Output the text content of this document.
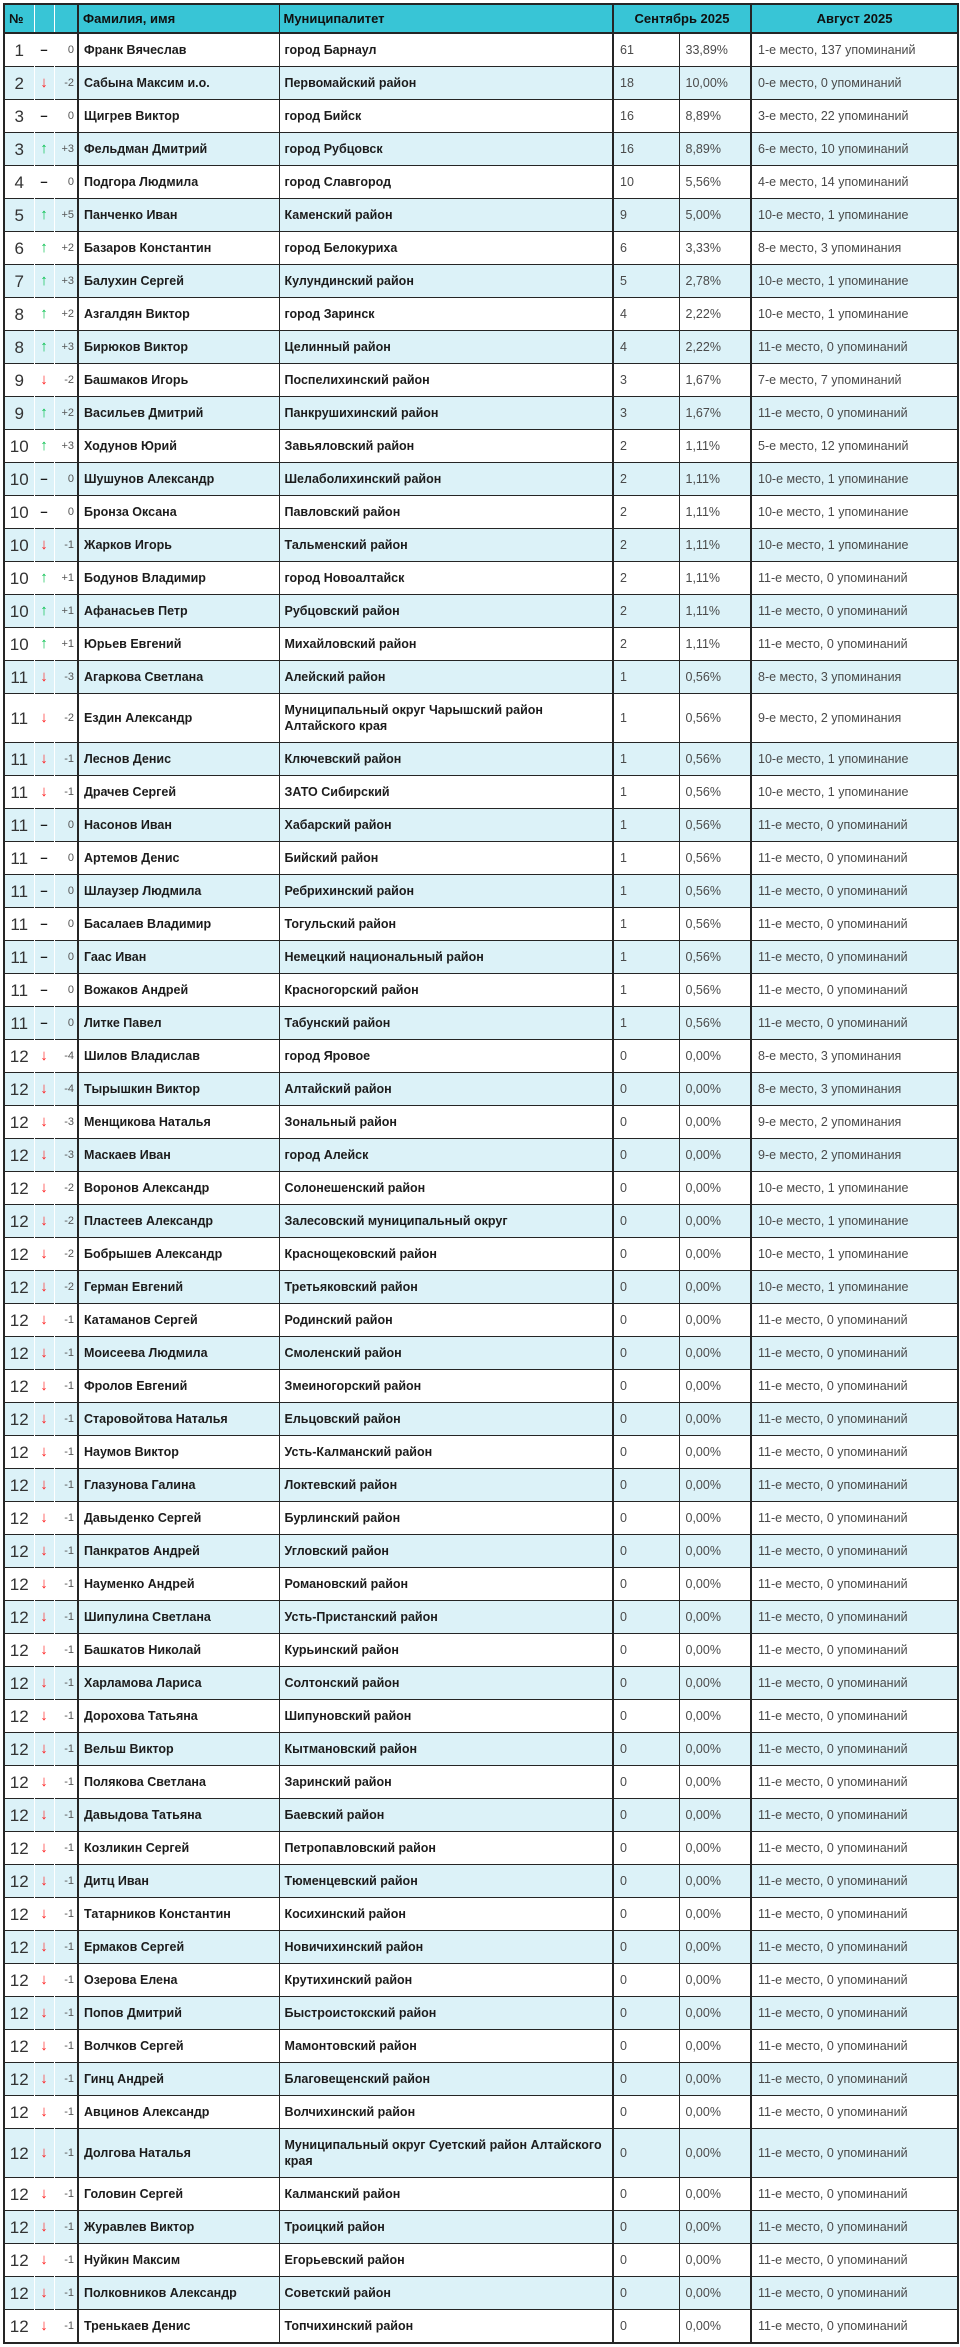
№			Фамилия, имя	Муниципалитет	Сентябрь 2025		Август 2025
1	–	0	Франк Вячеслав	город Барнаул	61	33,89%	1-е место, 137 упоминаний
2	↓	-2	Сабына Максим и.о.	Первомайский район	18	10,00%	0-е место, 0 упоминаний
3	–	0	Щигрев Виктор	город Бийск	16	8,89%	3-е место, 22 упоминаний
3	↑	+3	Фельдман Дмитрий	город Рубцовск	16	8,89%	6-е место, 10 упоминаний
4	–	0	Подгора Людмила	город Славгород	10	5,56%	4-е место, 14 упоминаний
5	↑	+5	Панченко Иван	Каменский район	9	5,00%	10-е место, 1 упоминание
6	↑	+2	Базаров Константин	город Белокуриха	6	3,33%	8-е место, 3 упоминания
7	↑	+3	Балухин Сергей	Кулундинский район	5	2,78%	10-е место, 1 упоминание
8	↑	+2	Азгалдян Виктор	город Заринск	4	2,22%	10-е место, 1 упоминание
8	↑	+3	Бирюков Виктор	Целинный район	4	2,22%	11-е место, 0 упоминаний
9	↓	-2	Башмаков Игорь	Поспелихинский район	3	1,67%	7-е место, 7 упоминаний
9	↑	+2	Васильев Дмитрий	Панкрушихинский район	3	1,67%	11-е место, 0 упоминаний
10	↑	+3	Ходунов Юрий	Завьяловский район	2	1,11%	5-е место, 12 упоминаний
10	–	0	Шушунов Александр	Шелаболихинский район	2	1,11%	10-е место, 1 упоминание
10	–	0	Бронза Оксана	Павловский район	2	1,11%	10-е место, 1 упоминание
10	↓	-1	Жарков Игорь	Тальменский район	2	1,11%	10-е место, 1 упоминание
10	↑	+1	Бодунов Владимир	город Новоалтайск	2	1,11%	11-е место, 0 упоминаний
10	↑	+1	Афанасьев Петр	Рубцовский район	2	1,11%	11-е место, 0 упоминаний
10	↑	+1	Юрьев Евгений	Михайловский район	2	1,11%	11-е место, 0 упоминаний
11	↓	-3	Агаркова Светлана	Алейский район	1	0,56%	8-е место, 3 упоминания
11	↓	-2	Ездин Александр	Муниципальный округ Чарышский район Алтайского края	1	0,56%	9-е место, 2 упоминания
11	↓	-1	Леснов Денис	Ключевский район	1	0,56%	10-е место, 1 упоминание
11	↓	-1	Драчев Сергей	ЗАТО Сибирский	1	0,56%	10-е место, 1 упоминание
11	–	0	Насонов Иван	Хабарский район	1	0,56%	11-е место, 0 упоминаний
11	–	0	Артемов Денис	Бийский район	1	0,56%	11-е место, 0 упоминаний
11	–	0	Шлаузер Людмила	Ребрихинский район	1	0,56%	11-е место, 0 упоминаний
11	–	0	Басалаев Владимир	Тогульский район	1	0,56%	11-е место, 0 упоминаний
11	–	0	Гаас Иван	Немецкий национальный район	1	0,56%	11-е место, 0 упоминаний
11	–	0	Вожаков Андрей	Красногорский район	1	0,56%	11-е место, 0 упоминаний
11	–	0	Литке Павел	Табунский район	1	0,56%	11-е место, 0 упоминаний
12	↓	-4	Шилов Владислав	город Яровое	0	0,00%	8-е место, 3 упоминания
12	↓	-4	Тырышкин Виктор	Алтайский район	0	0,00%	8-е место, 3 упоминания
12	↓	-3	Менщикова Наталья	Зональный район	0	0,00%	9-е место, 2 упоминания
12	↓	-3	Маскаев Иван	город Алейск	0	0,00%	9-е место, 2 упоминания
12	↓	-2	Воронов Александр	Солонешенский район	0	0,00%	10-е место, 1 упоминание
12	↓	-2	Пластеев Александр	Залесовский муниципальный округ	0	0,00%	10-е место, 1 упоминание
12	↓	-2	Бобрышев Александр	Краснощековский район	0	0,00%	10-е место, 1 упоминание
12	↓	-2	Герман Евгений	Третьяковский район	0	0,00%	10-е место, 1 упоминание
12	↓	-1	Катаманов Сергей	Родинский район	0	0,00%	11-е место, 0 упоминаний
12	↓	-1	Моисеева Людмила	Смоленский район	0	0,00%	11-е место, 0 упоминаний
12	↓	-1	Фролов Евгений	Змеиногорский район	0	0,00%	11-е место, 0 упоминаний
12	↓	-1	Старовойтова Наталья	Ельцовский район	0	0,00%	11-е место, 0 упоминаний
12	↓	-1	Наумов Виктор	Усть-Калманский район	0	0,00%	11-е место, 0 упоминаний
12	↓	-1	Глазунова Галина	Локтевский район	0	0,00%	11-е место, 0 упоминаний
12	↓	-1	Давыденко Сергей	Бурлинский район	0	0,00%	11-е место, 0 упоминаний
12	↓	-1	Панкратов Андрей	Угловский район	0	0,00%	11-е место, 0 упоминаний
12	↓	-1	Науменко Андрей	Романовский район	0	0,00%	11-е место, 0 упоминаний
12	↓	-1	Шипулина Светлана	Усть-Пристанский район	0	0,00%	11-е место, 0 упоминаний
12	↓	-1	Башкатов Николай	Курьинский район	0	0,00%	11-е место, 0 упоминаний
12	↓	-1	Харламова Лариса	Солтонский район	0	0,00%	11-е место, 0 упоминаний
12	↓	-1	Дорохова Татьяна	Шипуновский район	0	0,00%	11-е место, 0 упоминаний
12	↓	-1	Вельш Виктор	Кытмановский район	0	0,00%	11-е место, 0 упоминаний
12	↓	-1	Полякова Светлана	Заринский район	0	0,00%	11-е место, 0 упоминаний
12	↓	-1	Давыдова Татьяна	Баевский район	0	0,00%	11-е место, 0 упоминаний
12	↓	-1	Козликин Сергей	Петропавловский район	0	0,00%	11-е место, 0 упоминаний
12	↓	-1	Дитц Иван	Тюменцевский район	0	0,00%	11-е место, 0 упоминаний
12	↓	-1	Татарников Константин	Косихинский район	0	0,00%	11-е место, 0 упоминаний
12	↓	-1	Ермаков Сергей	Новичихинский район	0	0,00%	11-е место, 0 упоминаний
12	↓	-1	Озерова Елена	Крутихинский район	0	0,00%	11-е место, 0 упоминаний
12	↓	-1	Попов Дмитрий	Быстроистокский район	0	0,00%	11-е место, 0 упоминаний
12	↓	-1	Волчков Сергей	Мамонтовский район	0	0,00%	11-е место, 0 упоминаний
12	↓	-1	Гинц Андрей	Благовещенский район	0	0,00%	11-е место, 0 упоминаний
12	↓	-1	Авцинов Александр	Волчихинский район	0	0,00%	11-е место, 0 упоминаний
12	↓	-1	Долгова Наталья	Муниципальный округ Суетский район Алтайского края	0	0,00%	11-е место, 0 упоминаний
12	↓	-1	Головин Сергей	Калманский район	0	0,00%	11-е место, 0 упоминаний
12	↓	-1	Журавлев Виктор	Троицкий район	0	0,00%	11-е место, 0 упоминаний
12	↓	-1	Нуйкин Максим	Егорьевский район	0	0,00%	11-е место, 0 упоминаний
12	↓	-1	Полковников Александр	Советский район	0	0,00%	11-е место, 0 упоминаний
12	↓	-1	Тренькаев Денис	Топчихинский район	0	0,00%	11-е место, 0 упоминаний
